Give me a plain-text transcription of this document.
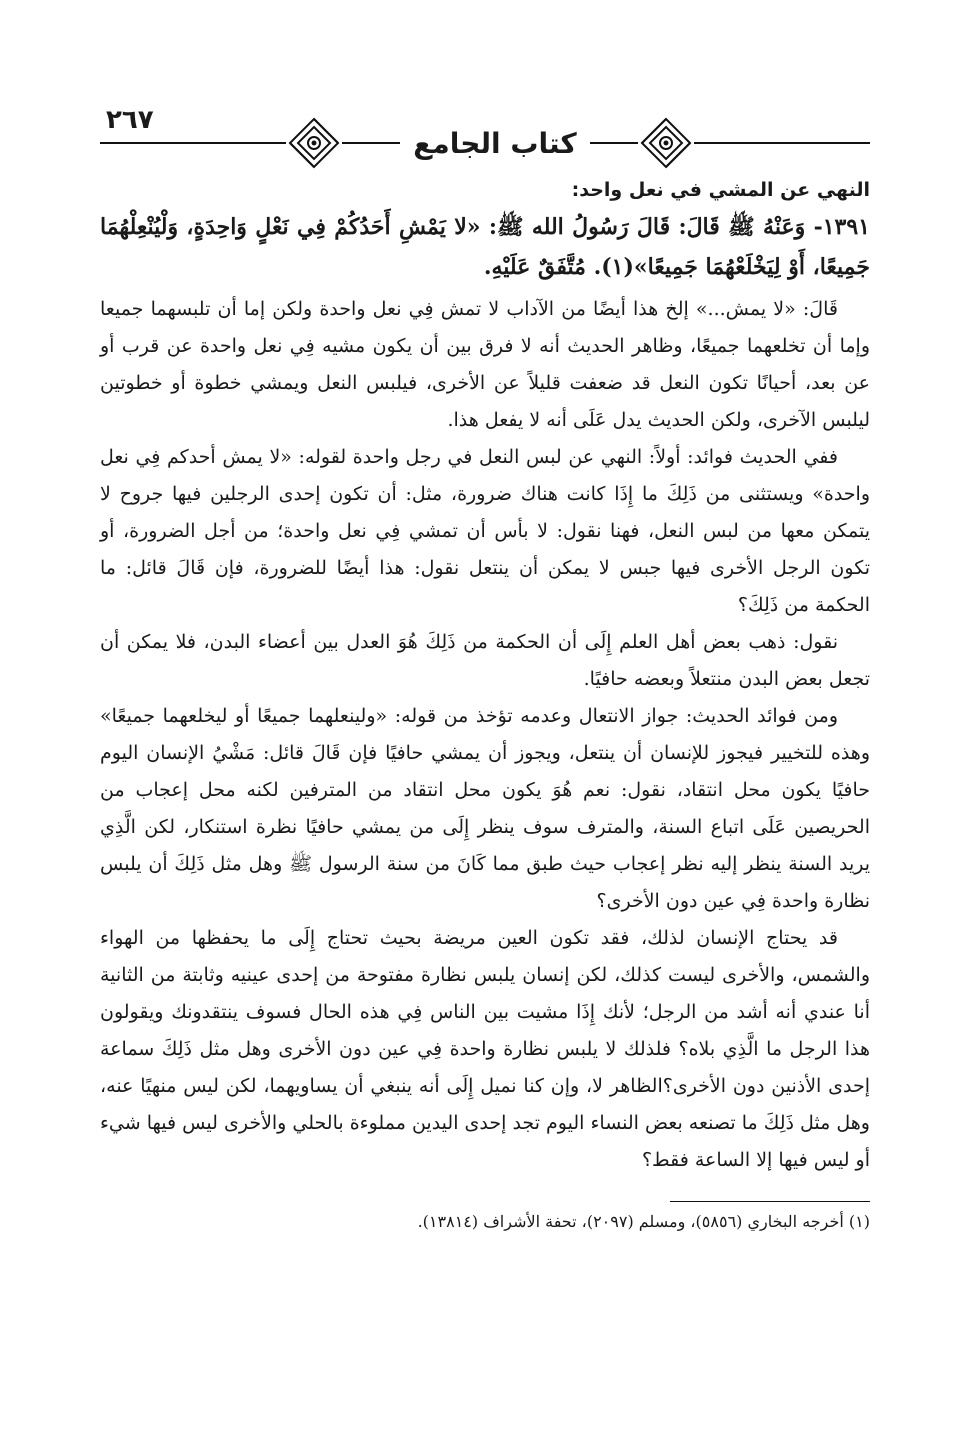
كتاب الجامع
٢٦٧
النهي عن المشي في نعل واحد:

١٣٩١- وَعَنْهُ ﷺ قَالَ: قَالَ رَسُولُ الله ﷺ: «لا يَمْشِ أَحَدُكُمْ فِي نَعْلٍ وَاحِدَةٍ، وَلْيُنْعِلْهُمَا جَمِيعًا، أَوْ لِيَخْلَعْهُمَا جَمِيعًا»(١). مُتَّفَقٌ عَلَيْهِ.

قَالَ: «لا يمش...» إلخ هذا أيضًا من الآداب لا تمش فِي نعل واحدة ولكن إما أن تلبسهما جميعا وإما أن تخلعهما جميعًا، وظاهر الحديث أنه لا فرق بين أن يكون مشيه فِي نعل واحدة عن قرب أو عن بعد، أحيانًا تكون النعل قد ضعفت قليلاً عن الأخرى، فيلبس النعل ويمشي خطوة أو خطوتين ليلبس الآخرى، ولكن الحديث يدل عَلَى أنه لا يفعل هذا.

ففي الحديث فوائد: أولاً: النهي عن لبس النعل في رجل واحدة لقوله: «لا يمش أحدكم فِي نعل واحدة» ويستثنى من ذَلِكَ ما إِذَا كانت هناك ضرورة، مثل: أن تكون إحدى الرجلين فيها جروح لا يتمكن معها من لبس النعل، فهنا نقول: لا بأس أن تمشي فِي نعل واحدة؛ من أجل الضرورة، أو تكون الرجل الأخرى فيها جبس لا يمكن أن ينتعل نقول: هذا أيضًا للضرورة، فإن قَالَ قائل: ما الحكمة من ذَلِكَ؟

نقول: ذهب بعض أهل العلم إِلَى أن الحكمة من ذَلِكَ هُوَ العدل بين أعضاء البدن، فلا يمكن أن تجعل بعض البدن منتعلاً وبعضه حافيًا.

ومن فوائد الحديث: جواز الانتعال وعدمه تؤخذ من قوله: «ولينعلهما جميعًا أو ليخلعهما جميعًا» وهذه للتخيير فيجوز للإنسان أن ينتعل، ويجوز أن يمشي حافيًا فإن قَالَ قائل: مَشْيُ الإنسان اليوم حافيًا يكون محل انتقاد، نقول: نعم هُوَ يكون محل انتقاد من المترفين لكنه محل إعجاب من الحريصين عَلَى اتباع السنة، والمترف سوف ينظر إِلَى من يمشي حافيًا نظرة استنكار، لكن الَّذِي يريد السنة ينظر إليه نظر إعجاب حيث طبق مما كَانَ من سنة الرسول ﷺ وهل مثل ذَلِكَ أن يلبس نظارة واحدة فِي عين دون الأخرى؟

قد يحتاج الإنسان لذلك، فقد تكون العين مريضة بحيث تحتاج إِلَى ما يحفظها من الهواء والشمس، والأخرى ليست كذلك، لكن إنسان يلبس نظارة مفتوحة من إحدى عينيه وثابتة من الثانية أنا عندي أنه أشد من الرجل؛ لأنك إِذَا مشيت بين الناس فِي هذه الحال فسوف ينتقدونك ويقولون هذا الرجل ما الَّذِي بلاه؟ فلذلك لا يلبس نظارة واحدة فِي عين دون الأخرى وهل مثل ذَلِكَ سماعة إحدى الأذنين دون الأخرى؟الظاهر لا، وإن كنا نميل إِلَى أنه ينبغي أن يساويهما، لكن ليس منهيًا عنه، وهل مثل ذَلِكَ ما تصنعه بعض النساء اليوم تجد إحدى اليدين مملوءة بالحلي والأخرى ليس فيها شيء أو ليس فيها إلا الساعة فقط؟

(١) أخرجه البخاري (٥٨٥٦)، ومسلم (٢٠٩٧)، تحفة الأشراف (١٣٨١٤).
